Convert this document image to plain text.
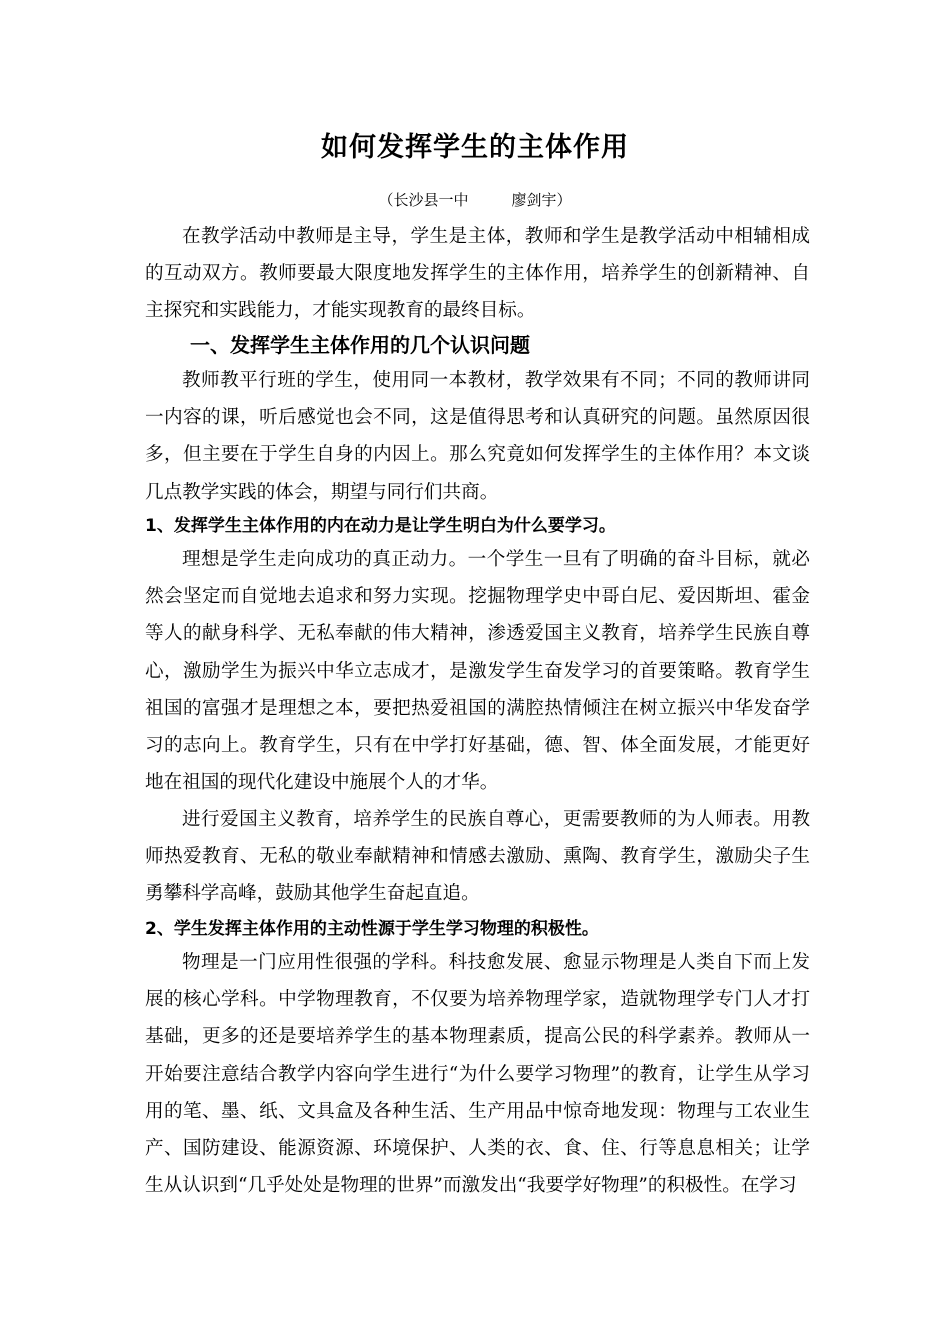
如何发挥学生的主体作用
（长沙县一中         廖剑宇）

在教学活动中教师是主导，学生是主体，教师和学生是教学活动中相辅相成的互动双方。教师要最大限度地发挥学生的主体作用，培养学生的创新精神、自主探究和实践能力，才能实现教育的最终目标。

一、发挥学生主体作用的几个认识问题

教师教平行班的学生，使用同一本教材，教学效果有不同；不同的教师讲同一内容的课，听后感觉也会不同，这是值得思考和认真研究的问题。虽然原因很多，但主要在于学生自身的内因上。那么究竟如何发挥学生的主体作用？本文谈几点教学实践的体会，期望与同行们共商。

1、发挥学生主体作用的内在动力是让学生明白为什么要学习。

理想是学生走向成功的真正动力。一个学生一旦有了明确的奋斗目标，就必然会坚定而自觉地去追求和努力实现。挖掘物理学史中哥白尼、爱因斯坦、霍金等人的献身科学、无私奉献的伟大精神，渗透爱国主义教育，培养学生民族自尊心，激励学生为振兴中华立志成才，是激发学生奋发学习的首要策略。教育学生祖国的富强才是理想之本，要把热爱祖国的满腔热情倾注在树立振兴中华发奋学习的志向上。教育学生，只有在中学打好基础，德、智、体全面发展，才能更好地在祖国的现代化建设中施展个人的才华。

进行爱国主义教育，培养学生的民族自尊心，更需要教师的为人师表。用教师热爱教育、无私的敬业奉献精神和情感去激励、熏陶、教育学生，激励尖子生勇攀科学高峰，鼓励其他学生奋起直追。

2、学生发挥主体作用的主动性源于学生学习物理的积极性。

物理是一门应用性很强的学科。科技愈发展、愈显示物理是人类自下而上发展的核心学科。中学物理教育，不仅要为培养物理学家，造就物理学专门人才打基础，更多的还是要培养学生的基本物理素质，提高公民的科学素养。教师从一开始要注意结合教学内容向学生进行“为什么要学习物理”的教育，让学生从学习用的笔、墨、纸、文具盒及各种生活、生产用品中惊奇地发现：物理与工农业生产、国防建设、能源资源、环境保护、人类的衣、食、住、行等息息相关；让学生从认识到“几乎处处是物理的世界”而激发出“我要学好物理”的积极性。在学习
